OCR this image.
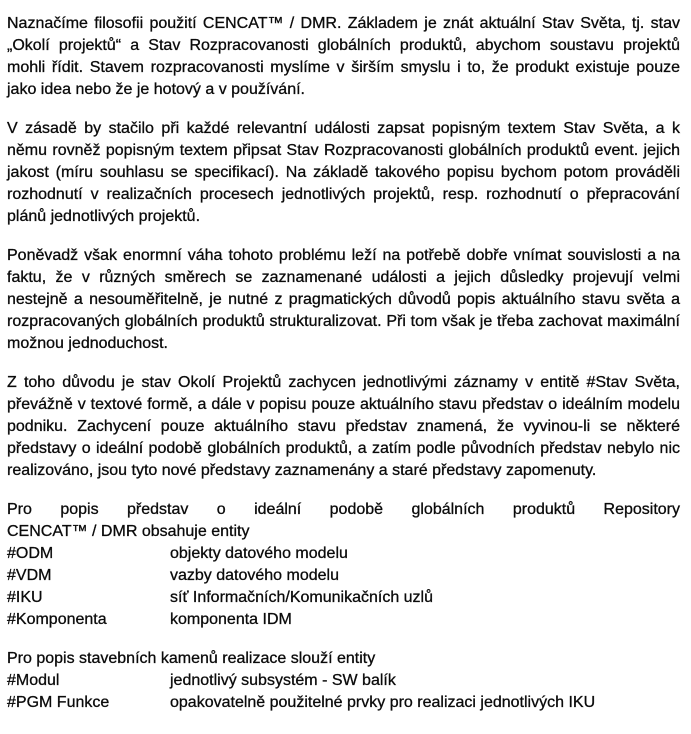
Naznačíme filosofii použití CENCAT™ / DMR. Základem je znát aktuální Stav Světa, tj. stav „Okolí projektů“ a Stav Rozpracovanosti globálních produktů, abychom soustavu projektů mohli řídit. Stavem rozpracovanosti myslíme v širším smyslu i to, že produkt existuje pouze jako idea nebo že je hotový a v používání.

V zásadě by stačilo při každé relevantní události zapsat popisným textem Stav Světa, a k němu rovněž popisným textem připsat Stav Rozpracovanosti globálních produktů event. jejich jakost (míru souhlasu se specifikací). Na základě takového popisu bychom potom prováděli rozhodnutí v realizačních procesech jednotlivých projektů, resp. rozhodnutí o přepracování plánů jednotlivých projektů.

Poněvadž však enormní váha tohoto problému leží na potřebě dobře vnímat souvislosti a na faktu, že v různých směrech se zaznamenané události a jejich důsledky projevují velmi nestejně a nesouměřitelně, je nutné z pragmatických důvodů popis aktuálního stavu světa a rozpracovaných globálních produktů strukturalizovat. Při tom však je třeba zachovat maximální možnou jednoduchost.

Z toho důvodu je stav Okolí Projektů zachycen jednotlivými záznamy v entitě #Stav Světa, převážně v textové formě, a dále v popisu pouze aktuálního stavu představ o ideálním modelu podniku. Zachycení pouze aktuálního stavu představ znamená, že vyvinou-li se některé představy o ideální podobě globálních produktů, a zatím podle původních představ nebylo nic realizováno, jsou tyto nové představy zaznamenány a staré představy zapomenuty.

Pro popis představ o ideální podobě globálních produktů Repository
CENCAT™ / DMR obsahuje entity
#ODM	objekty datového modelu
#VDM	vazby datového modelu
#IKU	síť Informačních/Komunikačních uzlů
#Komponenta	komponenta IDM
Pro popis stavebních kamenů realizace slouží entity
#Modul	jednotlivý subsystém - SW balík
#PGM Funkce	opakovatelně použitelné prvky pro realizaci jednotlivých IKU
